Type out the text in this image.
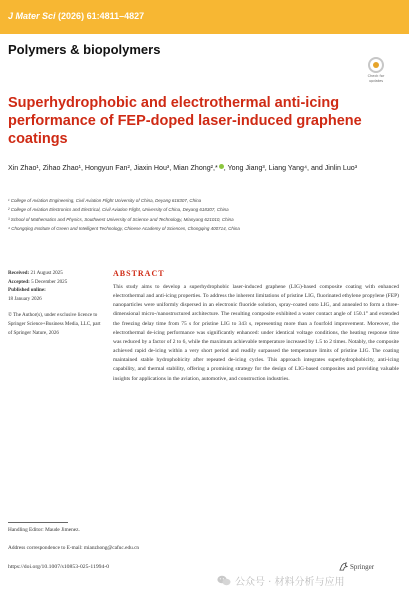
J Mater Sci (2026) 61:4811–4827
Polymers & biopolymers
Check for
updates
Superhydrophobic and electrothermal anti-icing performance of FEP-doped laser-induced graphene coatings
Xin Zhao¹, Zihao Zhao¹, Hongyun Fan², Jiaxin Hou³, Mian Zhong²,* , Yong Jiang³, Liang Yang⁴, and Jinlin Luo³
¹ College of Aviation Engineering, Civil Aviation Flight University of China, Deyang 618307, China
² College of Aviation Electronics and Electrical, Civil Aviation Flight, University of China, Deyang 618307, China
³ School of Mathematics and Physics, Southwest University of Science and Technology, Mianyang 621010, China
⁴ Chongqing Institute of Green and Intelligent Technology, Chinese Academy of Sciences, Chongqing 400714, China
Received: 21 August 2025
Accepted: 5 December 2025
Published online:
18 January 2026
© The Author(s), under exclusive licence to Springer Science+Business Media, LLC, part of Springer Nature, 2026
ABSTRACT
This study aims to develop a superhydrophobic laser-induced graphene (LIG)-based composite coating with enhanced electrothermal and anti-icing properties. To address the inherent limitations of pristine LIG, fluorinated ethylene propylene (FEP) nanoparticles were uniformly dispersed in an electronic fluoride solution, spray-coated onto LIG, and annealed to form a three-dimensional micro-/nanostructured architecture. The resulting composite exhibited a water contact angle of 150.1° and extended the freezing delay time from 75 s for pristine LIG to 343 s, representing more than a fourfold improvement. Moreover, the electrothermal de-icing performance was significantly enhanced: under identical voltage conditions, the heating response time was reduced by a factor of 2 to 6, while the maximum achievable temperature increased by 1.5 to 2 times. Notably, the composite achieved rapid de-icing within a very short period and readily surpassed the temperature limits of pristine LIG. The coating maintained stable hydrophobicity after repeated de-icing cycles. This approach integrates superhydrophobicity, anti-icing capability, and thermal stability, offering a promising strategy for the design of LIG-based composites and providing valuable insights for applications in the aviation, automotive, and construction industries.
Handling Editor: Maude Jimenez.
Address correspondence to E-mail: mianzhong@cafuc.edu.cn
https://doi.org/10.1007/s10853-025-11994-0	Springer
公众号 · 材料分析与应用
